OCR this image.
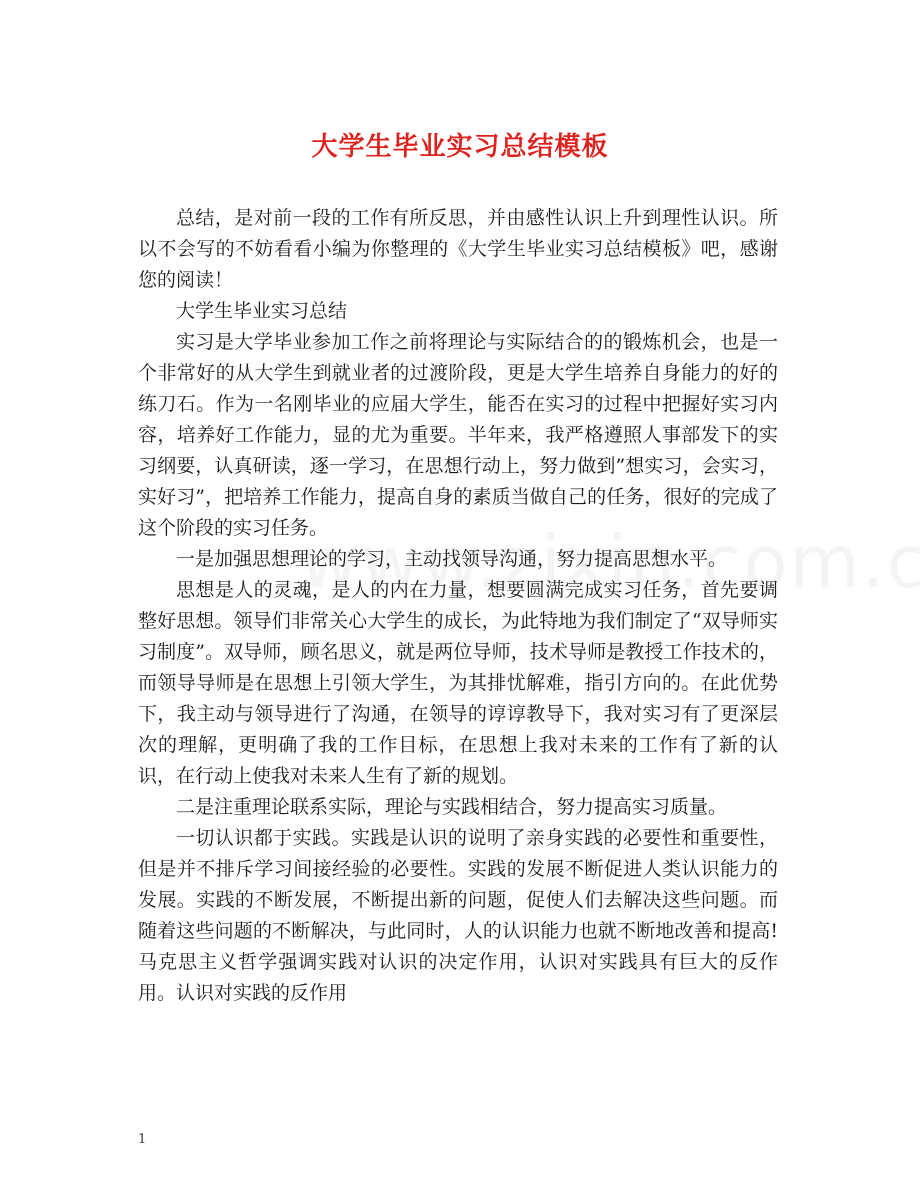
大学生毕业实习总结模板

总结，是对前一段的工作有所反思，并由感性认识上升到理性认识。所以不会写的不妨看看小编为你整理的《大学生毕业实习总结模板》吧，感谢您的阅读！

大学生毕业实习总结

实习是大学毕业参加工作之前将理论与实际结合的的锻炼机会，也是一个非常好的从大学生到就业者的过渡阶段，更是大学生培养自身能力的好的练刀石。作为一名刚毕业的应届大学生，能否在实习的过程中把握好实习内容，培养好工作能力，显的尤为重要。半年来，我严格遵照人事部发下的实习纲要，认真研读，逐一学习，在思想行动上，努力做到”想实习，会实习，实好习”，把培养工作能力，提高自身的素质当做自己的任务，很好的完成了这个阶段的实习任务。

一是加强思想理论的学习，主动找领导沟通，努力提高思想水平。

思想是人的灵魂，是人的内在力量，想要圆满完成实习任务，首先要调整好思想。领导们非常关心大学生的成长，为此特地为我们制定了“双导师实习制度”。双导师，顾名思义，就是两位导师，技术导师是教授工作技术的，而领导导师是在思想上引领大学生，为其排忧解难，指引方向的。在此优势下，我主动与领导进行了沟通，在领导的谆谆教导下，我对实习有了更深层次的理解，更明确了我的工作目标，在思想上我对未来的工作有了新的认识，在行动上使我对未来人生有了新的规划。

二是注重理论联系实际，理论与实践相结合，努力提高实习质量。

一切认识都于实践。实践是认识的说明了亲身实践的必要性和重要性，但是并不排斥学习间接经验的必要性。实践的发展不断促进人类认识能力的发展。实践的不断发展，不断提出新的问题，促使人们去解决这些问题。而随着这些问题的不断解决，与此同时，人的认识能力也就不断地改善和提高!马克思主义哲学强调实践对认识的决定作用，认识对实践具有巨大的反作用。认识对实践的反作用

1
